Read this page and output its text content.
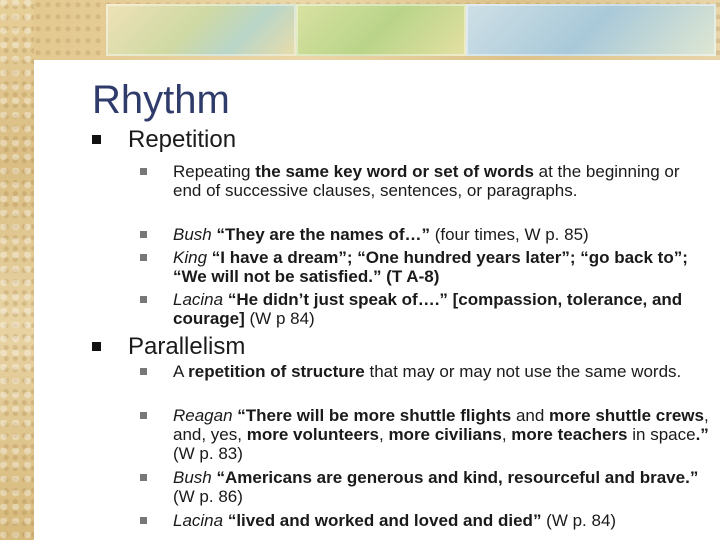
Rhythm
Repetition
Repeating the same key word or set of words at the beginning or end of successive clauses, sentences, or paragraphs.
Bush “They are the names of…” (four times, W p. 85)
King “I have a dream”; “One hundred years later”; “go back to”; “We will not be satisfied.” (T A-8)
Lacina “He didn’t just speak of….” [compassion, tolerance, and courage] (W p 84)
Parallelism
A repetition of structure that may or may not use the same words.
Reagan “There will be more shuttle flights and more shuttle crews, and, yes, more volunteers, more civilians, more teachers in space.” (W p. 83)
Bush “Americans are generous and kind, resourceful and brave.” (W p. 86)
Lacina “lived and worked and loved and died” (W p. 84)
